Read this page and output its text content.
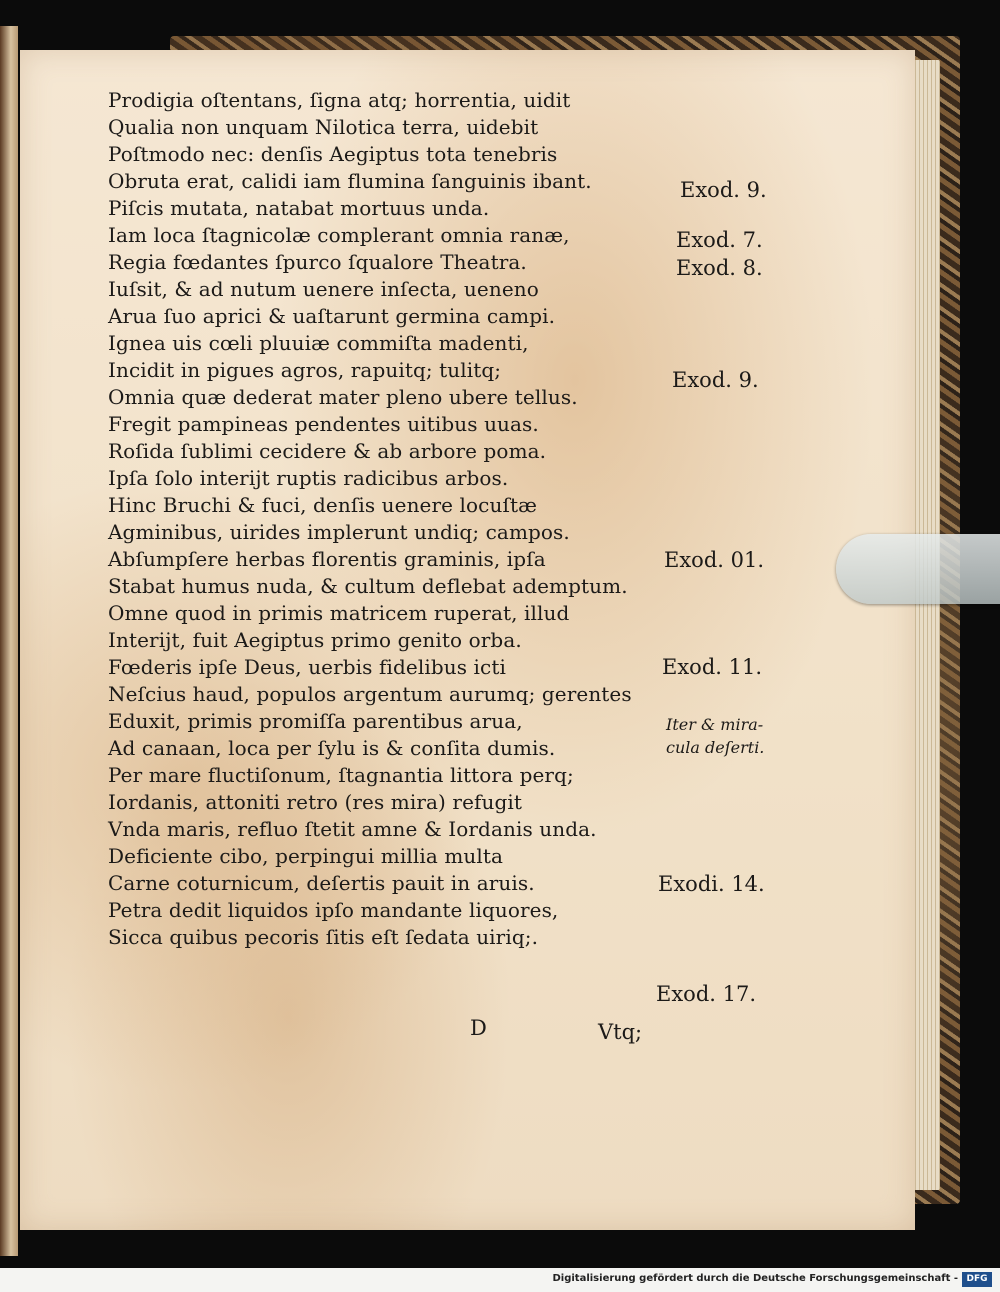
Prodigia oſtentans, ſigna atq; horrentia, uidit
Qualia non unquam Nilotica terra, uidebit
Poſtmodo nec: denſis Aegiptus tota tenebris
Obruta erat, calidi iam flumina ſanguinis ibant.
Piſcis mutata, natabat mortuus unda.
Iam loca ſtagnicolæ complerant omnia ranæ,
Regia fœdantes ſpurco ſqualore Theatra.
Iuſsit, & ad nutum uenere inſecta, ueneno
Arua ſuo aprici & uaſtarunt germina campi.
Ignea uis cœli pluuiæ commiſta madenti,
Incidit in pigues agros, rapuitq; tulitq;
Omnia quæ dederat mater pleno ubere tellus.
Fregit pampineas pendentes uitibus uuas.
Roſida ſublimi cecidere & ab arbore poma.
Ipſa ſolo interijt ruptis radicibus arbos.
Hinc Bruchi & fuci, denſis uenere locuſtæ
Agminibus, uirides implerunt undiq; campos.
Abſumpſere herbas florentis graminis, ipſa
Stabat humus nuda, & cultum deflebat ademptum.
Omne quod in primis matricem ruperat, illud
Interijt, fuit Aegiptus primo genito orba.
Fœderis ipſe Deus, uerbis fidelibus icti
Neſcius haud, populos argentum aurumq; gerentes
Eduxit, primis promiſſa parentibus arua,
Ad canaan, loca per ſylu is & conſita dumis.
Per mare fluctiſonum, ſtagnantia littora perq;
Iordanis, attoniti retro (res mira) refugit
Vnda maris, refluo ſtetit amne & Iordanis unda.
Deficiente cibo, perpingui millia multa
Carne coturnicum, deſertis pauit in aruis.
Petra dedit liquidos ipſo mandante liquores,
Sicca quibus pecoris ſitis eſt ſedata uiriq;.
Exod. 9.
Exod. 7.
Exod. 8.
Exod. 9.
Exod. 01.
Exod. 11.
Iter & mira-
cula deſerti.
Exodi. 14.
Exod. 17.
D	Vtq;
Digitalisierung gefördert durch die Deutsche Forschungsgemeinschaft - DFG
